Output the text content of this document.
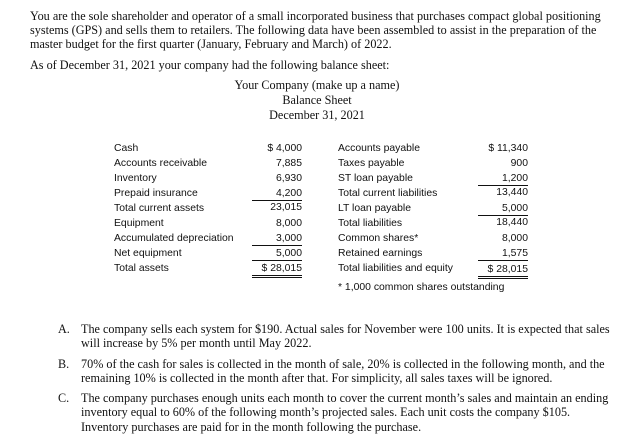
You are the sole shareholder and operator of a small incorporated business that purchases compact global positioning systems (GPS) and sells them to retailers. The following data have been assembled to assist in the preparation of the master budget for the first quarter (January, February and March) of 2022.

As of December 31, 2021 your company had the following balance sheet:
Your Company (make up a name)
Balance Sheet
December 31, 2021
Cash
Accounts receivable
Inventory
Prepaid insurance
Total current assets
Equipment
Accumulated depreciation
Net equipment
Total assets
$ 4,000
7,885
6,930
4,200
23,015
8,000
3,000
5,000
$ 28,015
Accounts payable
Taxes payable
ST loan payable
Total current liabilities
LT loan payable
Total liabilities
Common shares*
Retained earnings
Total liabilities and equity
$ 11,340
900
1,200
13,440
5,000
18,440
8,000
1,575
$ 28,015
* 1,000 common shares outstanding
A. The company sells each system for $190. Actual sales for November were 100 units. It is expected that sales will increase by 5% per month until May 2022.
B. 70% of the cash for sales is collected in the month of sale, 20% is collected in the following month, and the remaining 10% is collected in the month after that. For simplicity, all sales taxes will be ignored.
C. The company purchases enough units each month to cover the current month’s sales and maintain an ending inventory equal to 60% of the following month’s projected sales. Each unit costs the company $105. Inventory purchases are paid for in the month following the purchase.
